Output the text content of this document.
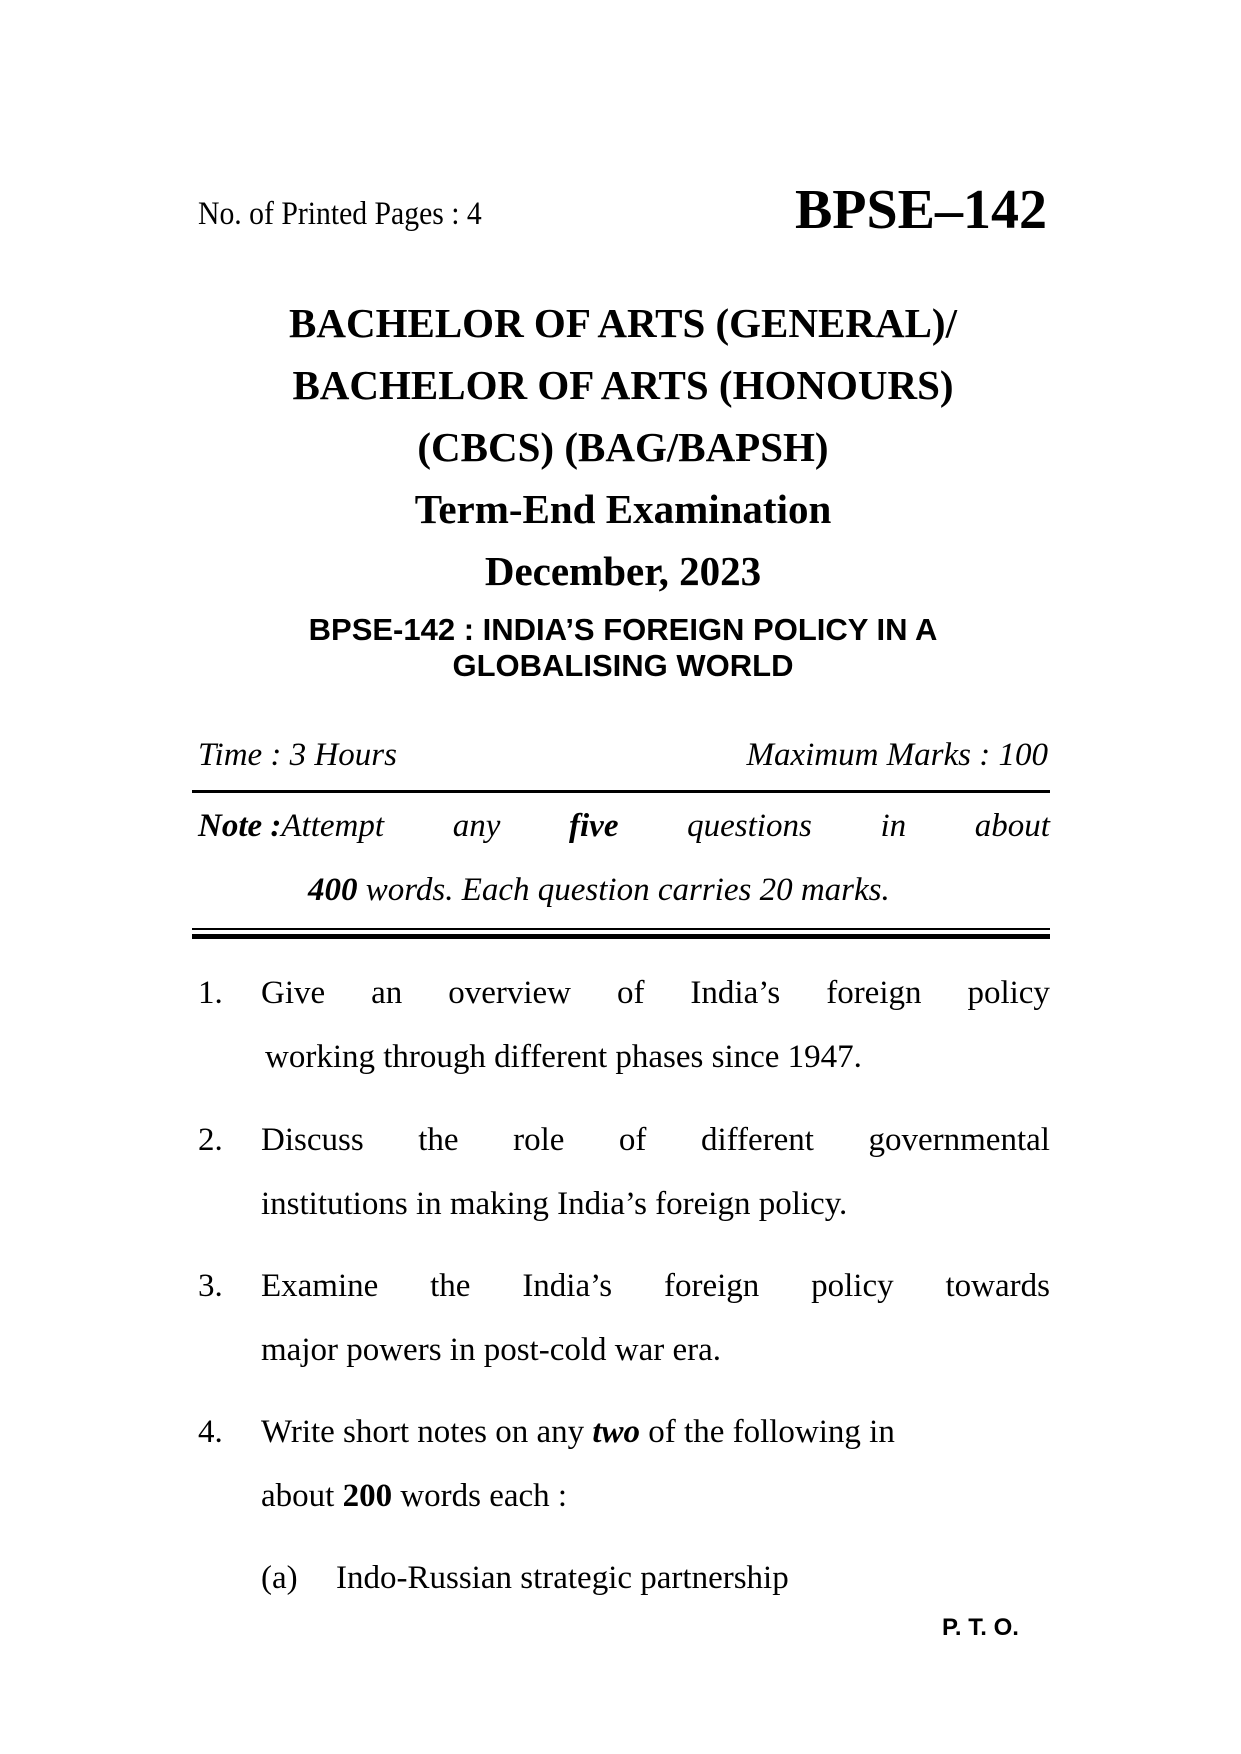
No. of Printed Pages : 4	BPSE–142
BACHELOR OF ARTS (GENERAL)/
BACHELOR OF ARTS (HONOURS)
(CBCS) (BAG/BAPSH)
Term-End Examination
December, 2023
BPSE-142 : INDIA’S FOREIGN POLICY IN A
GLOBALISING WORLD
Time : 3 Hours	Maximum Marks : 100
Note :Attempt any five questions in about
400 words. Each question carries 20 marks.
1. Give an overview of India’s foreign policy
working through different phases since 1947.
2. Discuss the role of different governmental
institutions in making India’s foreign policy.
3. Examine the India’s foreign policy towards
major powers in post-cold war era.
4. Write short notes on any two of the following in
about 200 words each :
(a) Indo-Russian strategic partnership
P. T. O.
